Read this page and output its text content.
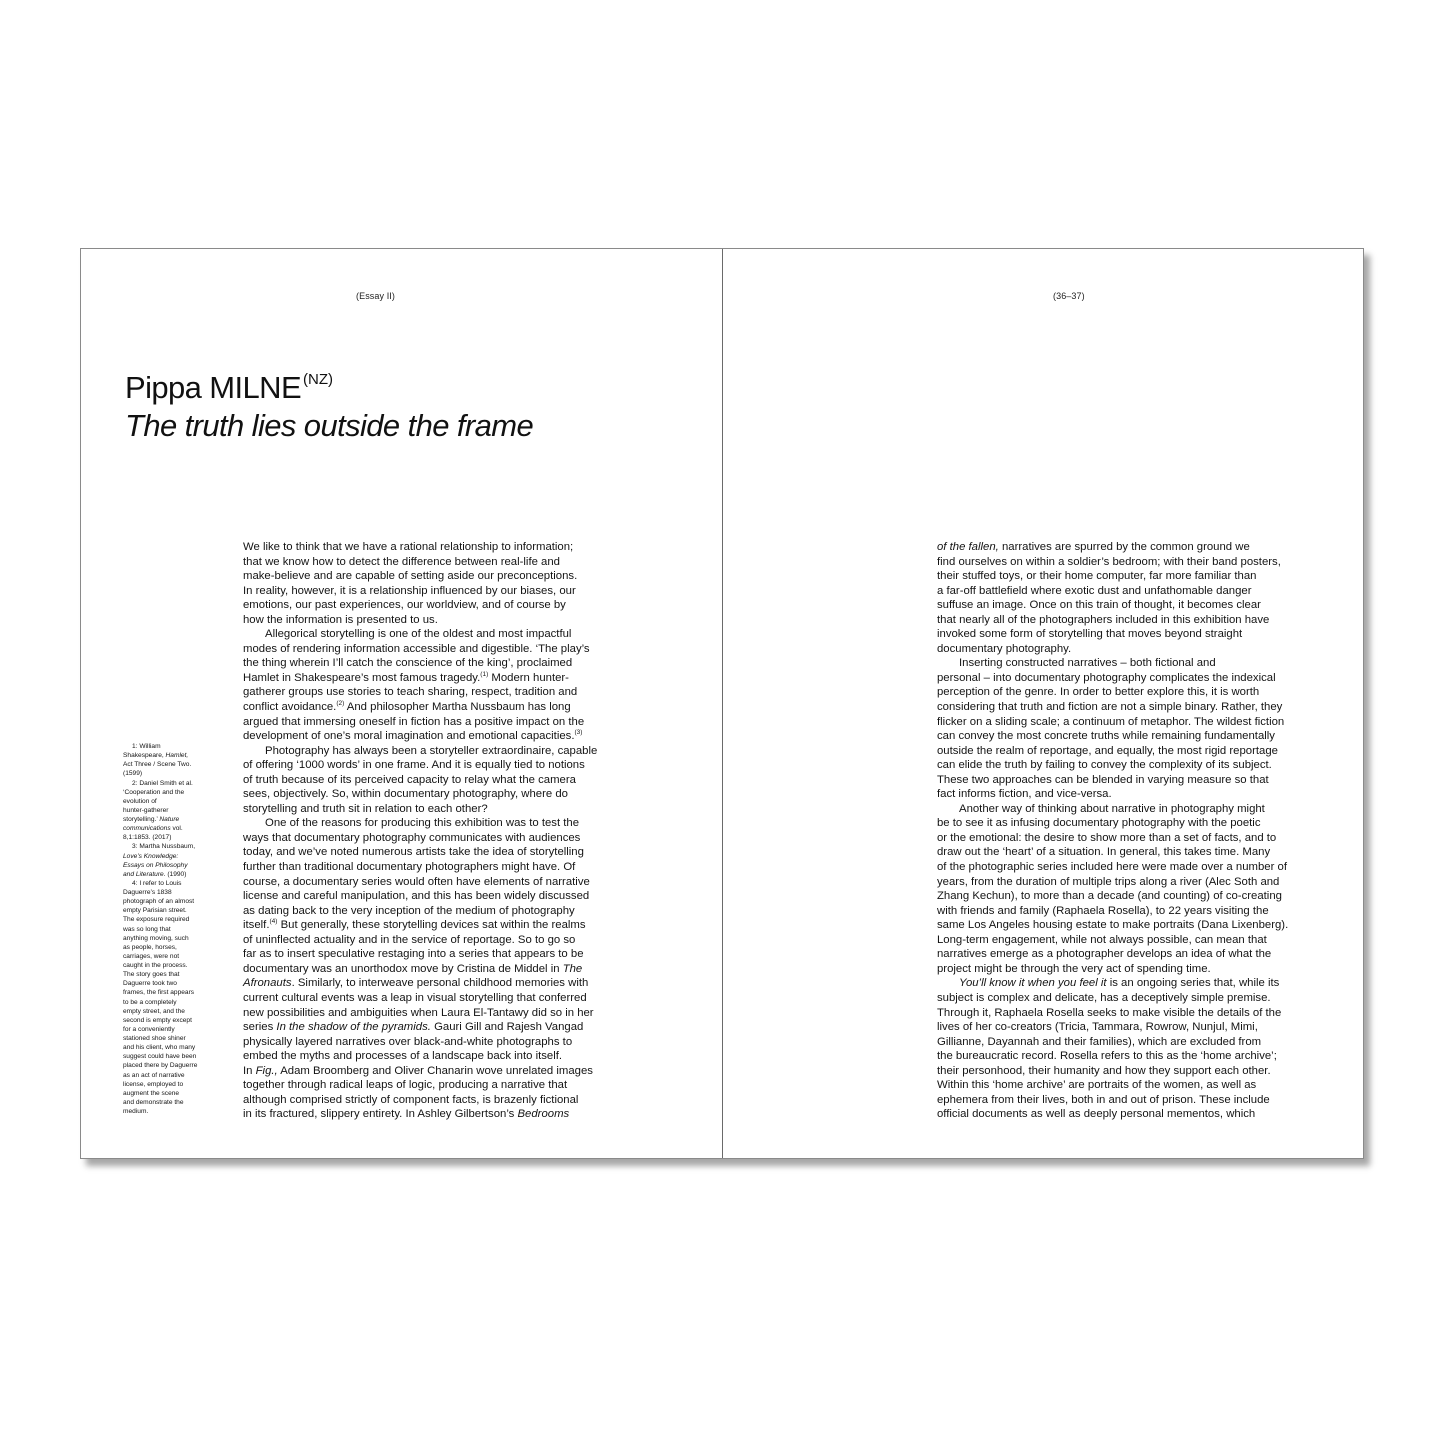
(Essay II)	(36–37)
Pippa MILNE $^{(NZ)}$
The truth lies outside the frame
1: William
Shakespeare, Hamlet,
Act Three / Scene Two.
(1599)
2: Daniel Smith et al.
‘Cooperation and the
evolution of
hunter-gatherer
storytelling.’ Nature
communications vol.
8,1:1853. (2017)
3: Martha Nussbaum,
Love’s Knowledge:
Essays on Philosophy
and Literature. (1990)
4: I refer to Louis
Daguerre’s 1838
photograph of an almost
empty Parisian street.
The exposure required
was so long that
anything moving, such
as people, horses,
carriages, were not
caught in the process.
The story goes that
Daguerre took two
frames, the first appears
to be a completely
empty street, and the
second is empty except
for a conveniently
stationed shoe shiner
and his client, who many
suggest could have been
placed there by Daguerre
as an act of narrative
license, employed to
augment the scene
and demonstrate the
medium.
We like to think that we have a rational relationship to information;
that we know how to detect the difference between real-life and
make-believe and are capable of setting aside our preconceptions.
In reality, however, it is a relationship influenced by our biases, our
emotions, our past experiences, our worldview, and of course by
how the information is presented to us.
Allegorical storytelling is one of the oldest and most impactful
modes of rendering information accessible and digestible. ‘The play’s
the thing wherein I’ll catch the conscience of the king’, proclaimed
Hamlet in Shakespeare’s most famous tragedy.$^{(1)}$ Modern hunter-
gatherer groups use stories to teach sharing, respect, tradition and
conflict avoidance.$^{(2)}$ And philosopher Martha Nussbaum has long
argued that immersing oneself in fiction has a positive impact on the
development of one’s moral imagination and emotional capacities.$^{(3)}$
Photography has always been a storyteller extraordinaire, capable
of offering ‘1000 words’ in one frame. And it is equally tied to notions
of truth because of its perceived capacity to relay what the camera
sees, objectively. So, within documentary photography, where do
storytelling and truth sit in relation to each other?
One of the reasons for producing this exhibition was to test the
ways that documentary photography communicates with audiences
today, and we’ve noted numerous artists take the idea of storytelling
further than traditional documentary photographers might have. Of
course, a documentary series would often have elements of narrative
license and careful manipulation, and this has been widely discussed
as dating back to the very inception of the medium of photography
itself.$^{(4)}$ But generally, these storytelling devices sat within the realms
of uninflected actuality and in the service of reportage. So to go so
far as to insert speculative restaging into a series that appears to be
documentary was an unorthodox move by Cristina de Middel in The
Afronauts. Similarly, to interweave personal childhood memories with
current cultural events was a leap in visual storytelling that conferred
new possibilities and ambiguities when Laura El-Tantawy did so in her
series In the shadow of the pyramids. Gauri Gill and Rajesh Vangad
physically layered narratives over black-and-white photographs to
embed the myths and processes of a landscape back into itself.
In Fig., Adam Broomberg and Oliver Chanarin wove unrelated images
together through radical leaps of logic, producing a narrative that
although comprised strictly of component facts, is brazenly fictional
in its fractured, slippery entirety. In Ashley Gilbertson’s Bedrooms
of the fallen, narratives are spurred by the common ground we
find ourselves on within a soldier’s bedroom; with their band posters,
their stuffed toys, or their home computer, far more familiar than
a far-off battlefield where exotic dust and unfathomable danger
suffuse an image. Once on this train of thought, it becomes clear
that nearly all of the photographers included in this exhibition have
invoked some form of storytelling that moves beyond straight
documentary photography.
Inserting constructed narratives – both fictional and
personal – into documentary photography complicates the indexical
perception of the genre. In order to better explore this, it is worth
considering that truth and fiction are not a simple binary. Rather, they
flicker on a sliding scale; a continuum of metaphor. The wildest fiction
can convey the most concrete truths while remaining fundamentally
outside the realm of reportage, and equally, the most rigid reportage
can elide the truth by failing to convey the complexity of its subject.
These two approaches can be blended in varying measure so that
fact informs fiction, and vice-versa.
Another way of thinking about narrative in photography might
be to see it as infusing documentary photography with the poetic
or the emotional: the desire to show more than a set of facts, and to
draw out the ‘heart’ of a situation. In general, this takes time. Many
of the photographic series included here were made over a number of
years, from the duration of multiple trips along a river (Alec Soth and
Zhang Kechun), to more than a decade (and counting) of co-creating
with friends and family (Raphaela Rosella), to 22 years visiting the
same Los Angeles housing estate to make portraits (Dana Lixenberg).
Long-term engagement, while not always possible, can mean that
narratives emerge as a photographer develops an idea of what the
project might be through the very act of spending time.
You’ll know it when you feel it is an ongoing series that, while its
subject is complex and delicate, has a deceptively simple premise.
Through it, Raphaela Rosella seeks to make visible the details of the
lives of her co-creators (Tricia, Tammara, Rowrow, Nunjul, Mimi,
Gillianne, Dayannah and their families), which are excluded from
the bureaucratic record. Rosella refers to this as the ‘home archive’;
their personhood, their humanity and how they support each other.
Within this ‘home archive’ are portraits of the women, as well as
ephemera from their lives, both in and out of prison. These include
official documents as well as deeply personal mementos, which
